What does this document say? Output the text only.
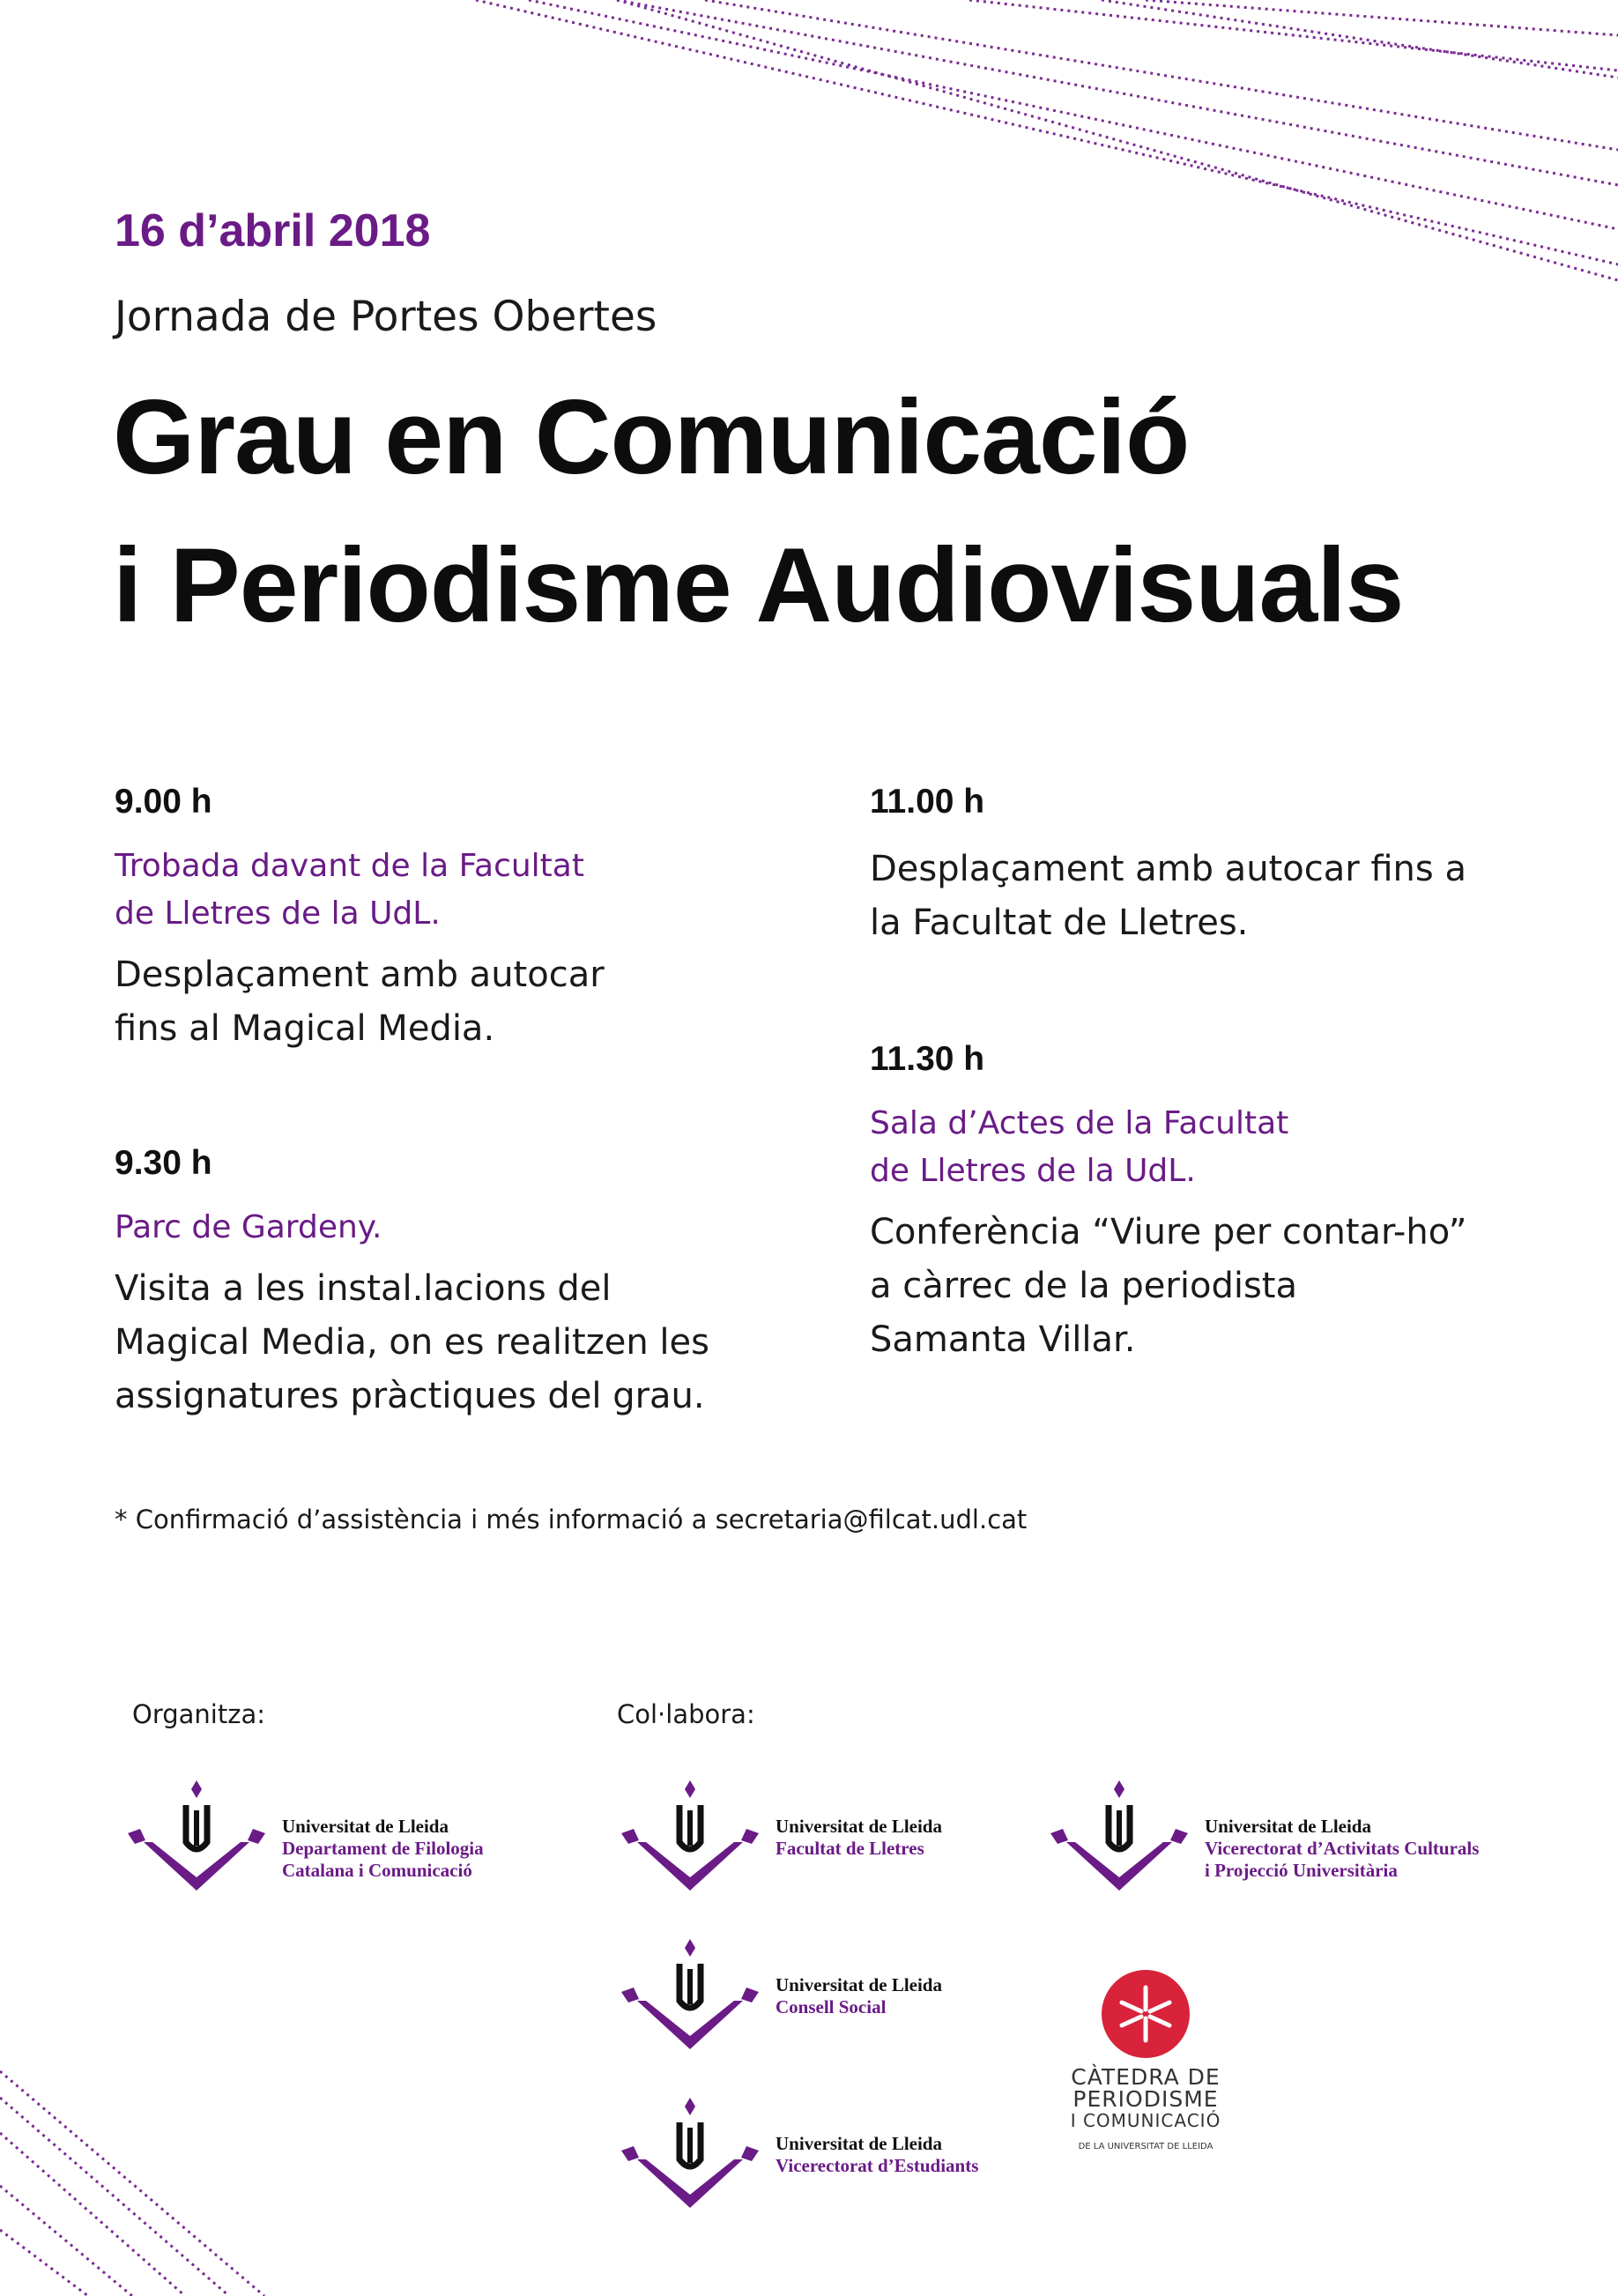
16 d’abril 2018
Jornada de Portes Obertes
Grau en Comunicació
i Periodisme Audiovisuals
9.00 h
Trobada davant de la Facultat
de Lletres de la UdL.
Desplaçament amb autocar
fins al Magical Media.
9.30 h
Parc de Gardeny.
Visita a les instal.lacions del
Magical Media, on es realitzen les
assignatures pràctiques del grau.
11.00 h
Desplaçament amb autocar fins a
la Facultat de Lletres.
11.30 h
Sala d’Actes de la Facultat
de Lletres de la UdL.
Conferència “Viure per contar-ho”
a càrrec de la periodista
Samanta Villar.
* Confirmació d’assistència i més informació a secretaria@filcat.udl.cat
Organitza:	Col·labora:
Universitat de Lleida
Departament de Filologia
Catalana i Comunicació
Universitat de Lleida
Facultat de Lletres
Universitat de Lleida
Vicerectorat d’Activitats Culturals
i Projecció Universitària
Universitat de Lleida
Consell Social
Universitat de Lleida
Vicerectorat d’Estudiants
CÀTEDRA DE
PERIODISME
I COMUNICACIÓ
DE LA UNIVERSITAT DE LLEIDA
